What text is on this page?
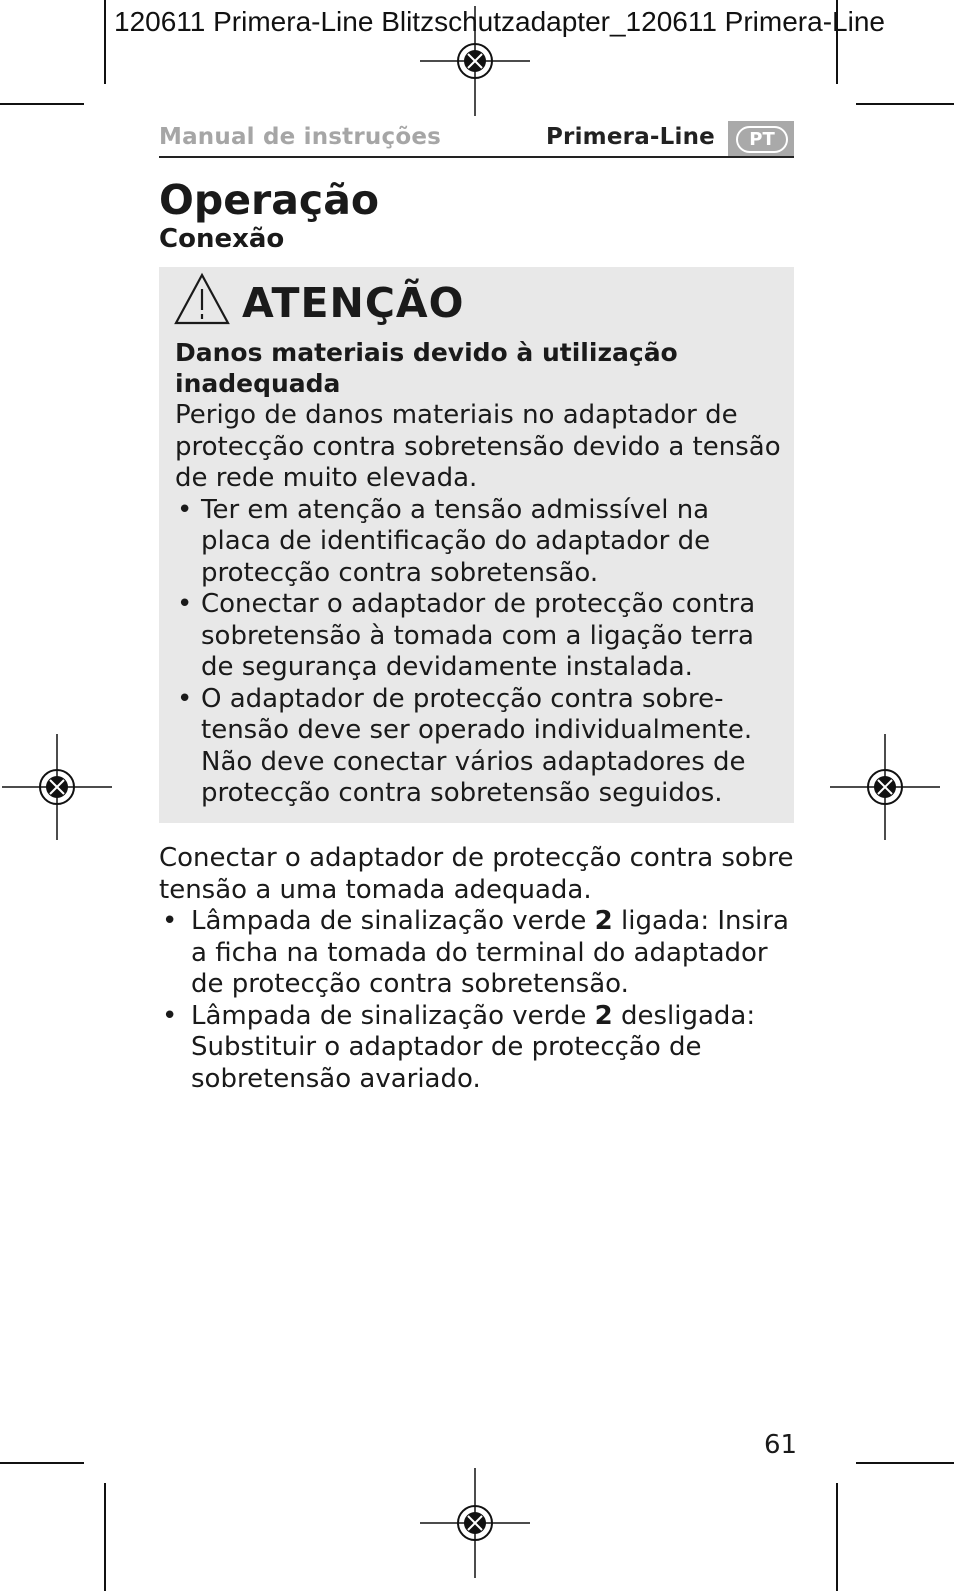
120611 Primera-Line Blitzschutzadapter_120611 Primera-Line
Manual de instruções	Primera-Line	PT
Operação
Conexão
ATENÇÃO
Danos materiais devido à utilização inadequada
Perigo de danos materiais no adaptador de protecção contra sobretensão devido a tensão de rede muito elevada.
• Ter em atenção a tensão admissível na placa de identificação do adaptador de protecção contra sobretensão.
• Conectar o adaptador de protecção contra sobretensão à tomada com a ligação terra de segurança devidamente instalada.
• O adaptador de protecção contra sobre-tensão deve ser operado individualmente. Não deve conectar vários adaptadores de protecção contra sobretensão seguidos.
Conectar o adaptador de protecção contra sobre tensão a uma tomada adequada.
• Lâmpada de sinalização verde 2 ligada: Insira a ficha na tomada do terminal do adaptador de protecção contra sobretensão.
• Lâmpada de sinalização verde 2 desligada: Substituir o adaptador de protecção de sobretensão avariado.
61
